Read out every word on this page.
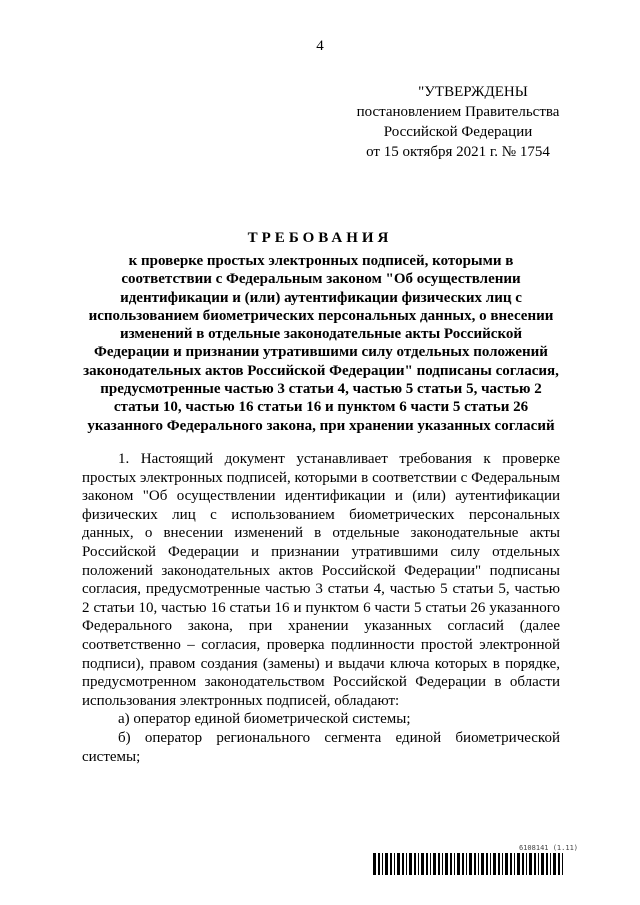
4
"УТВЕРЖДЕНЫ
постановлением Правительства
Российской Федерации
от 15 октября 2021 г. № 1754
ТРЕБОВАНИЯ
к проверке простых электронных подписей, которыми в соответствии с Федеральным законом "Об осуществлении идентификации и (или) аутентификации физических лиц с использованием биометрических персональных данных, о внесении изменений в отдельные законодательные акты Российской Федерации и признании утратившими силу отдельных положений законодательных актов Российской Федерации" подписаны согласия, предусмотренные частью 3 статьи 4, частью 5 статьи 5, частью 2 статьи 10, частью 16 статьи 16 и пунктом 6 части 5 статьи 26 указанного Федерального закона, при хранении указанных согласий

1. Настоящий документ устанавливает требования к проверке простых электронных подписей, которыми в соответствии с Федеральным законом "Об осуществлении идентификации и (или) аутентификации физических лиц с использованием биометрических персональных данных, о внесении изменений в отдельные законодательные акты Российской Федерации и признании утратившими силу отдельных положений законодательных актов Российской Федерации" подписаны согласия, предусмотренные частью 3 статьи 4, частью 5 статьи 5, частью 2 статьи 10, частью 16 статьи 16 и пунктом 6 части 5 статьи 26 указанного Федерального закона, при хранении указанных согласий (далее соответственно – согласия, проверка подлинности простой электронной подписи), правом создания (замены) и выдачи ключа которых в порядке, предусмотренном законодательством Российской Федерации в области использования электронных подписей, обладают:

а) оператор единой биометрической системы;

б) оператор регионального сегмента единой биометрической системы;

6108141 (1.11)
